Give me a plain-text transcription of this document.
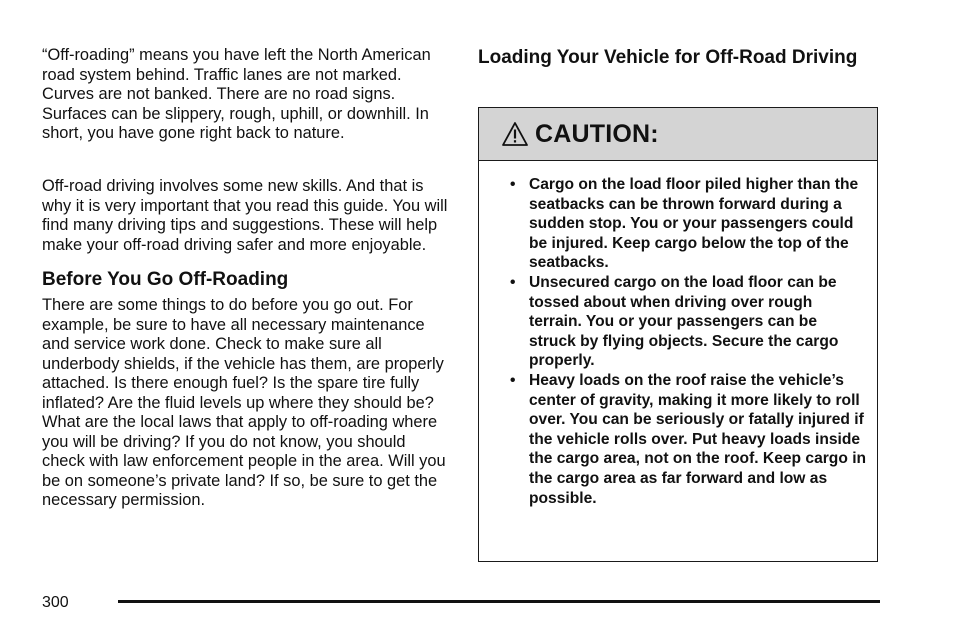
“Off-roading” means you have left the North American road system behind. Traffic lanes are not marked. Curves are not banked. There are no road signs. Surfaces can be slippery, rough, uphill, or downhill. In short, you have gone right back to nature.

Off-road driving involves some new skills. And that is why it is very important that you read this guide. You will find many driving tips and suggestions. These will help make your off-road driving safer and more enjoyable.

Before You Go Off-Roading

There are some things to do before you go out. For example, be sure to have all necessary maintenance and service work done. Check to make sure all underbody shields, if the vehicle has them, are properly attached. Is there enough fuel? Is the spare tire fully inflated? Are the fluid levels up where they should be? What are the local laws that apply to off-roading where you will be driving? If you do not know, you should check with law enforcement people in the area. Will you be on someone’s private land? If so, be sure to get the necessary permission.

Loading Your Vehicle for Off-Road Driving
CAUTION:
• Cargo on the load floor piled higher than the seatbacks can be thrown forward during a sudden stop. You or your passengers could be injured. Keep cargo below the top of the seatbacks.
• Unsecured cargo on the load floor can be tossed about when driving over rough terrain. You or your passengers can be struck by flying objects. Secure the cargo properly.
• Heavy loads on the roof raise the vehicle’s center of gravity, making it more likely to roll over. You can be seriously or fatally injured if the vehicle rolls over. Put heavy loads inside the cargo area, not on the roof. Keep cargo in the cargo area as far forward and low as possible.
300
